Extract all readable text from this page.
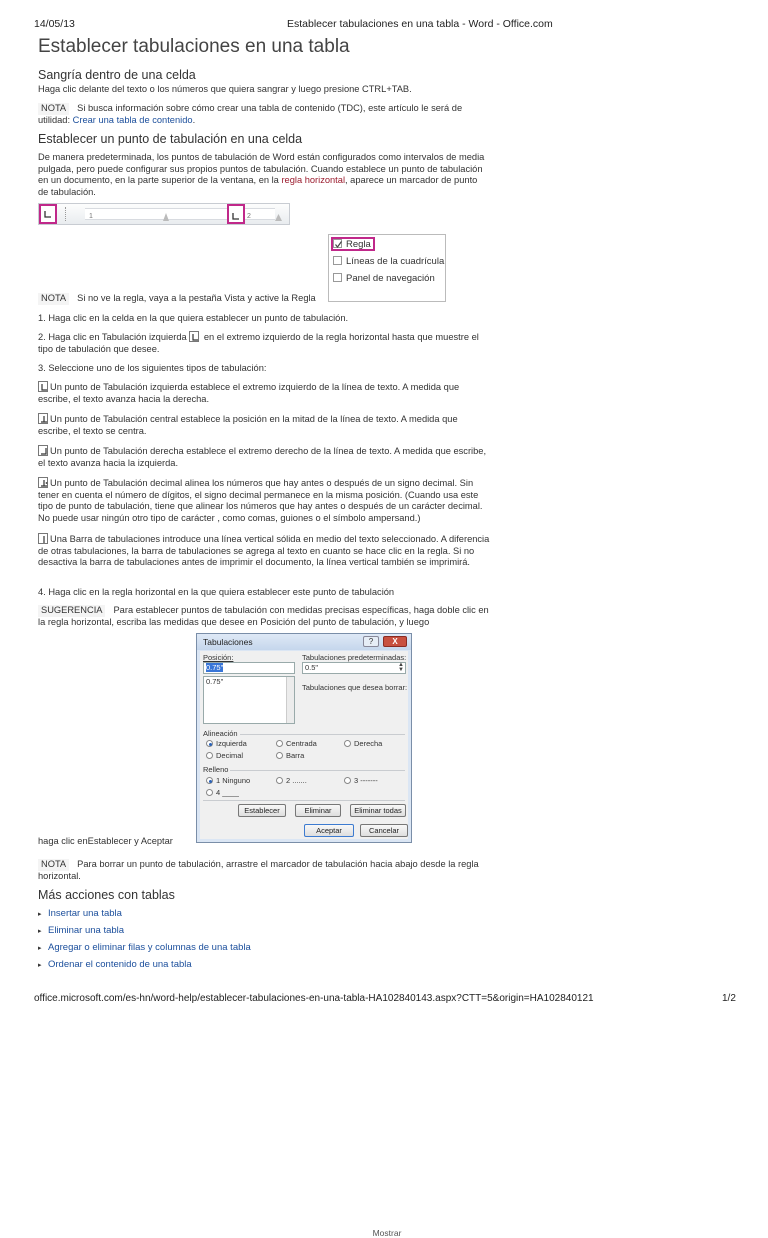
14/05/13	Establecer tabulaciones en una tabla - Word - Office.com
Establecer tabulaciones en una tabla
Sangría dentro de una celda
Haga clic delante del texto o los números que quiera sangrar y luego presione CTRL+TAB.
NOTA Si busca información sobre cómo crear una tabla de contenido (TDC), este artículo le será de utilidad: Crear una tabla de contenido.
Establecer un punto de tabulación en una celda
De manera predeterminada, los puntos de tabulación de Word están configurados como intervalos de media pulgada, pero puede configurar sus propios puntos de tabulación. Cuando establece un punto de tabulación en un documento, en la parte superior de la ventana, en la regla horizontal, aparece un marcador de punto de tabulación.
1	2
Regla
Líneas de la cuadrícula
Panel de navegación
Mostrar
NOTA Si no ve la regla, vaya a la pestaña Vista y active la Regla
1. Haga clic en la celda en la que quiera establecer un punto de tabulación.
2. Haga clic en Tabulación izquierda en el extremo izquierdo de la regla horizontal hasta que muestre el tipo de tabulación que desee.
3. Seleccione uno de los siguientes tipos de tabulación:
Un punto de Tabulación izquierda establece el extremo izquierdo de la línea de texto. A medida que escribe, el texto avanza hacia la derecha.
Un punto de Tabulación central establece la posición en la mitad de la línea de texto. A medida que escribe, el texto se centra.
Un punto de Tabulación derecha establece el extremo derecho de la línea de texto. A medida que escribe, el texto avanza hacia la izquierda.
Un punto de Tabulación decimal alinea los números que hay antes o después de un signo decimal. Sin tener en cuenta el número de dígitos, el signo decimal permanece en la misma posición. (Cuando usa este tipo de punto de tabulación, tiene que alinear los números que hay antes o después de un carácter decimal. No puede usar ningún otro tipo de carácter , como comas, guiones o el símbolo ampersand.)
Una Barra de tabulaciones introduce una línea vertical sólida en medio del texto seleccionado. A diferencia de otras tabulaciones, la barra de tabulaciones se agrega al texto en cuanto se hace clic en la regla. Si no desactiva la barra de tabulaciones antes de imprimir el documento, la línea vertical también se imprimirá.
4. Haga clic en la regla horizontal en la que quiera establecer este punto de tabulación
SUGERENCIA Para establecer puntos de tabulación con medidas precisas específicas, haga doble clic en la regla horizontal, escriba las medidas que desee en Posición del punto de tabulación, y luego
Tabulaciones	?	X
Posición:
0.75"
0.75"
Tabulaciones predeterminadas:
0.5"	▲
▼
Tabulaciones que desea borrar:
Alineación
Izquierda	Centrada	Derecha
Decimal	Barra
Relleno
1 Ninguno	2 .......	3 -------
4 ____
Establecer	Eliminar	Eliminar todas
Aceptar	Cancelar
haga clic enEstablecer y Aceptar
NOTA Para borrar un punto de tabulación, arrastre el marcador de tabulación hacia abajo desde la regla horizontal.
Más acciones con tablas
▸ Insertar una tabla
▸ Eliminar una tabla
▸ Agregar o eliminar filas y columnas de una tabla
▸ Ordenar el contenido de una tabla
office.microsoft.com/es-hn/word-help/establecer-tabulaciones-en-una-tabla-HA102840143.aspx?CTT=5&origin=HA102840121	1/2
